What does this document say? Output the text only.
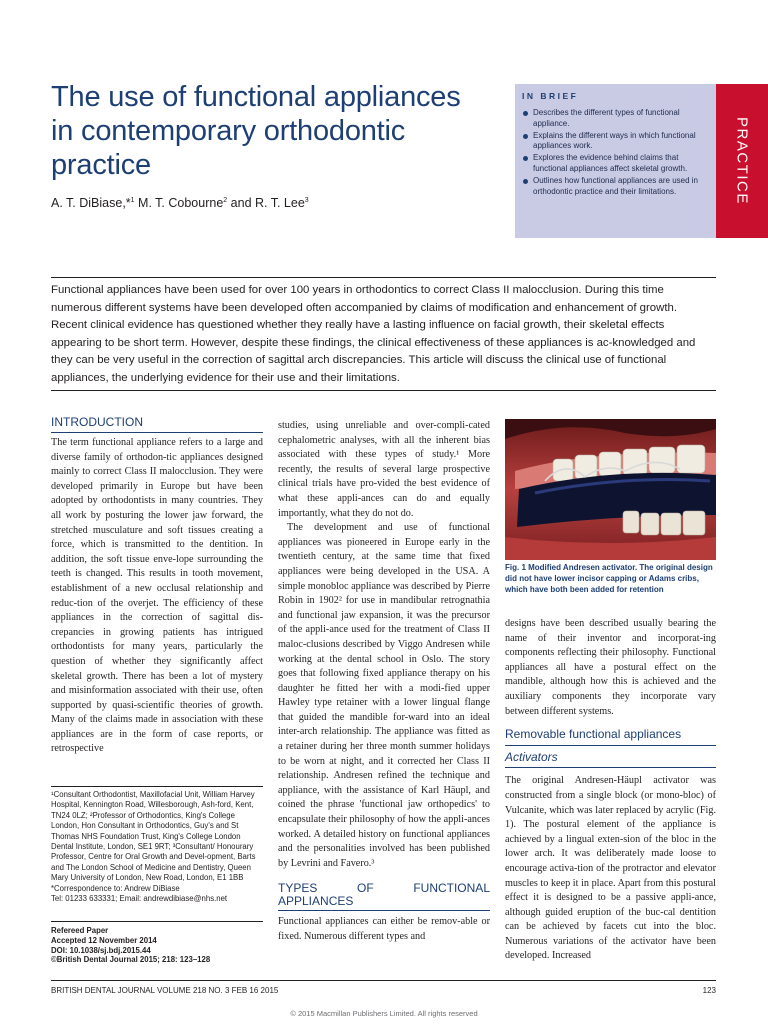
The use of functional appliances in contemporary orthodontic practice
A. T. DiBiase,*$^1$ M. T. Cobourne$^2$ and R. T. Lee$^3$
IN BRIEF
Describes the different types of functional appliance.
Explains the different ways in which functional appliances work.
Explores the evidence behind claims that functional appliances affect skeletal growth.
Outlines how functional appliances are used in orthodontic practice and their limitations.	PRACTICE

Functional appliances have been used for over 100 years in orthodontics to correct Class II malocclusion. During this time numerous different systems have been developed often accompanied by claims of modification and enhancement of growth. Recent clinical evidence has questioned whether they really have a lasting influence on facial growth, their skeletal effects appearing to be short term. However, despite these findings, the clinical effectiveness of these appliances is ac-knowledged and they can be very useful in the correction of sagittal arch discrepancies. This article will discuss the clinical use of functional appliances, the underlying evidence for their use and their limitations.

INTRODUCTION

The term functional appliance refers to a large and diverse family of orthodon-tic appliances designed mainly to correct Class II malocclusion. They were developed primarily in Europe but have been adopted by orthodontists in many countries. They all work by posturing the lower jaw forward, the stretched musculature and soft tissues creating a force, which is transmitted to the dentition. In addition, the soft tissue enve-lope surrounding the teeth is changed. This results in tooth movement, establishment of a new occlusal relationship and reduc-tion of the overjet. The efficiency of these appliances in the correction of sagittal dis-crepancies in growing patients has intrigued orthodontists for many years, particularly the question of whether they significantly affect skeletal growth. There has been a lot of mystery and misinformation associated with their use, often supported by quasi-scientific theories of growth. Many of the claims made in association with these appliances are in the form of case reports, or retrospective

¹Consultant Orthodontist, Maxillofacial Unit, William Harvey Hospital, Kennington Road, Willesborough, Ash-ford, Kent, TN24 0LZ; ²Professor of Orthodontics, King's College London, Hon Consultant in Orthodontics, Guy's and St Thomas NHS Foundation Trust, King's College London Dental Institute, London, SE1 9RT; ³Consultant/ Honourary Professor, Centre for Oral Growth and Devel-opment, Barts and The London School of Medicine and Dentistry, Queen Mary University of London, New Road, London, E1 1BB
*Correspondence to: Andrew DiBiase
Tel: 01233 633331; Email: andrewdibiase@nhs.net
Refereed Paper
Accepted 12 November 2014
DOI: 10.1038/sj.bdj.2015.44
©British Dental Journal 2015; 218: 123–128

studies, using unreliable and over-compli-cated cephalometric analyses, with all the inherent bias associated with these types of study.¹ More recently, the results of several large prospective clinical trials have pro-vided the best evidence of what these appli-ances can do and equally importantly, what they do not do.

The development and use of functional appliances was pioneered in Europe early in the twentieth century, at the same time that fixed appliances were being developed in the USA. A simple monobloc appliance was described by Pierre Robin in 1902² for use in mandibular retrognathia and functional jaw expansion, it was the precursor of the appli-ance used for the treatment of Class II maloc-clusions described by Viggo Andresen while working at the dental school in Oslo. The story goes that following fixed appliance therapy on his daughter he fitted her with a modi-fied upper Hawley type retainer with a lower lingual flange that guided the mandible for-ward into an ideal inter-arch relationship. The appliance was fitted as a retainer during her three month summer holidays to be worn at night, and it corrected her Class II relationship. Andresen refined the technique and appliance, with the assistance of Karl Häupl, and coined the phrase 'functional jaw orthopedics' to encapsulate their philosophy of how the appli-ances worked. A detailed history on functional appliances and the personalities involved has been published by Levrini and Favero.³

TYPES OF FUNCTIONAL APPLIANCES

Functional appliances can either be remov-able or fixed. Numerous different types and

Fig. 1 Modified Andresen activator. The original design did not have lower incisor capping or Adams cribs, which have both been added for retention

designs have been described usually bearing the name of their inventor and incorporat-ing components reflecting their philosophy. Functional appliances all have a postural effect on the mandible, although how this is achieved and the auxiliary components they incorporate vary between different systems.

Removable functional appliances
Activators

The original Andresen-Häupl activator was constructed from a single block (or mono-bloc) of Vulcanite, which was later replaced by acrylic (Fig. 1). The postural element of the appliance is achieved by a lingual exten-sion of the bloc in the lower arch. It was deliberately made loose to encourage activa-tion of the protractor and elevator muscles to keep it in place. Apart from this postural effect it is designed to be a passive appli-ance, although guided eruption of the buc-cal dentition can be achieved by facets cut into the bloc. Numerous variations of the activator have been developed. Increased

BRITISH DENTAL JOURNAL VOLUME 218 NO. 3 FEB 16 2015	123
© 2015 Macmillan Publishers Limited. All rights reserved
